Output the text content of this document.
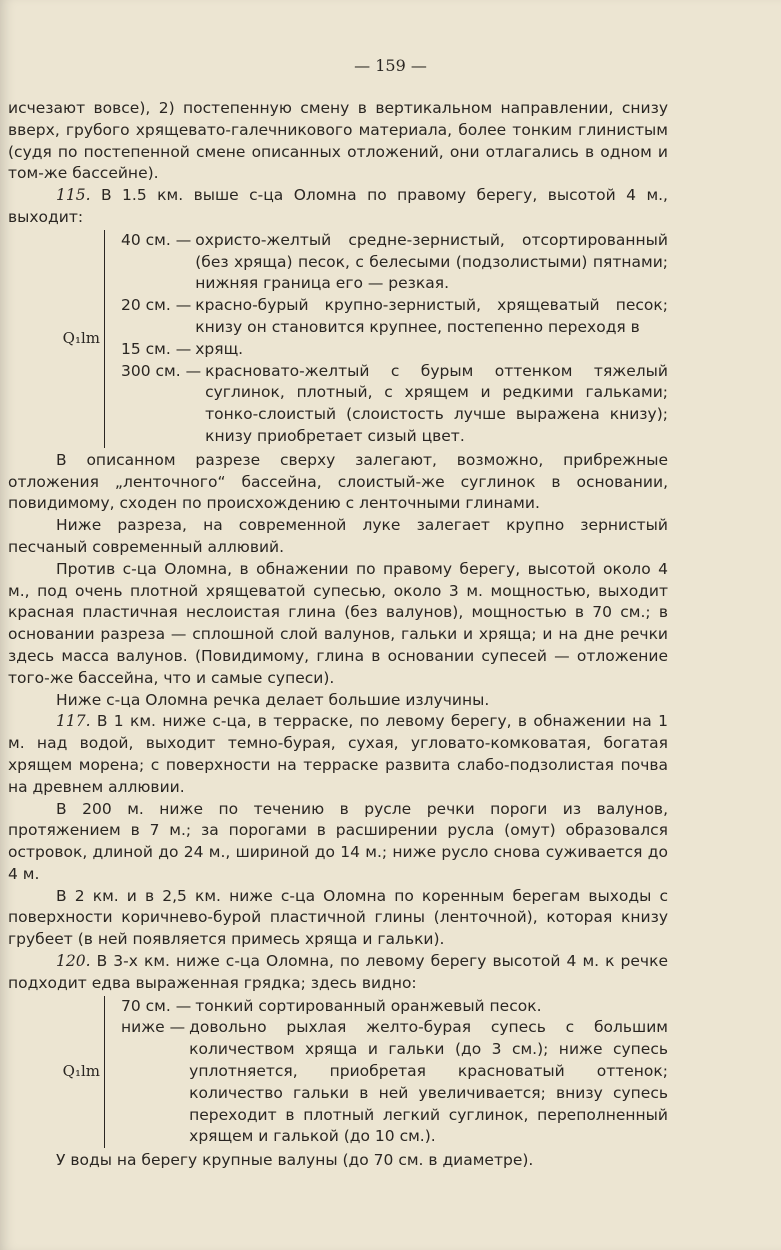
— 159 —

исчезают вовсе), 2) постепенную смену в вертикальном направлении, снизу вверх, грубого хрящевато-галечникового материала, более тонким глинистым (судя по постепенной смене описанных отложений, они отлагались в одном и том-же бассейне).

115. В 1.5 км. выше с-ца Оломна по правому берегу, высотой 4 м., выходит:

Q₁lm
40 см. — охристо-желтый средне-зернистый, отсортированный (без хряща) песок, с белесыми (подзолистыми) пятнами; нижняя граница его — резкая.
20 см. — красно-бурый крупно-зернистый, хрящеватый песок; книзу он становится крупнее, постепенно переходя в
15 см. — хрящ.
300 см. — красновато-желтый с бурым оттенком тяжелый суглинок, плотный, с хрящем и редкими гальками; тонко-слоистый (слоистость лучше выражена книзу); книзу приобретает сизый цвет.

В описанном разрезе сверху залегают, возможно, прибрежные отложения „ленточного“ бассейна, слоистый-же суглинок в основании, повидимому, сходен по происхождению с ленточными глинами.

Ниже разреза, на современной луке залегает крупно зернистый песчаный современный аллювий.

Против с-ца Оломна, в обнажении по правому берегу, высотой около 4 м., под очень плотной хрящеватой супесью, около 3 м. мощностью, выходит красная пластичная неслоистая глина (без валунов), мощностью в 70 см.; в основании разреза — сплошной слой валунов, гальки и хряща; и на дне речки здесь масса валунов. (Повидимому, глина в основании супесей — отложение того-же бассейна, что и самые супеси).

Ниже с-ца Оломна речка делает большие излучины.

117. В 1 км. ниже с-ца, в терраске, по левому берегу, в обнажении на 1 м. над водой, выходит темно-бурая, сухая, угловато-комковатая, богатая хрящем морена; с поверхности на терраске развита слабо-подзолистая почва на древнем аллювии.

В 200 м. ниже по течению в русле речки пороги из валунов, протяжением в 7 м.; за порогами в расширении русла (омут) образовался островок, длиной до 24 м., шириной до 14 м.; ниже русло снова суживается до 4 м.

В 2 км. и в 2,5 км. ниже с-ца Оломна по коренным берегам выходы с поверхности коричнево-бурой пластичной глины (ленточной), которая книзу грубеет (в ней появляется примесь хряща и гальки).

120. В 3-х км. ниже с-ца Оломна, по левому берегу высотой 4 м. к речке подходит едва выраженная грядка; здесь видно:

Q₁lm
70 см. — тонкий сортированный оранжевый песок.
ниже — довольно рыхлая желто-бурая супесь с большим количеством хряща и гальки (до 3 см.); ниже супесь уплотняется, приобретая красноватый оттенок; количество гальки в ней увеличивается; внизу супесь переходит в плотный легкий суглинок, переполненный хрящем и галькой (до 10 см.).

У воды на берегу крупные валуны (до 70 см. в диаметре).
